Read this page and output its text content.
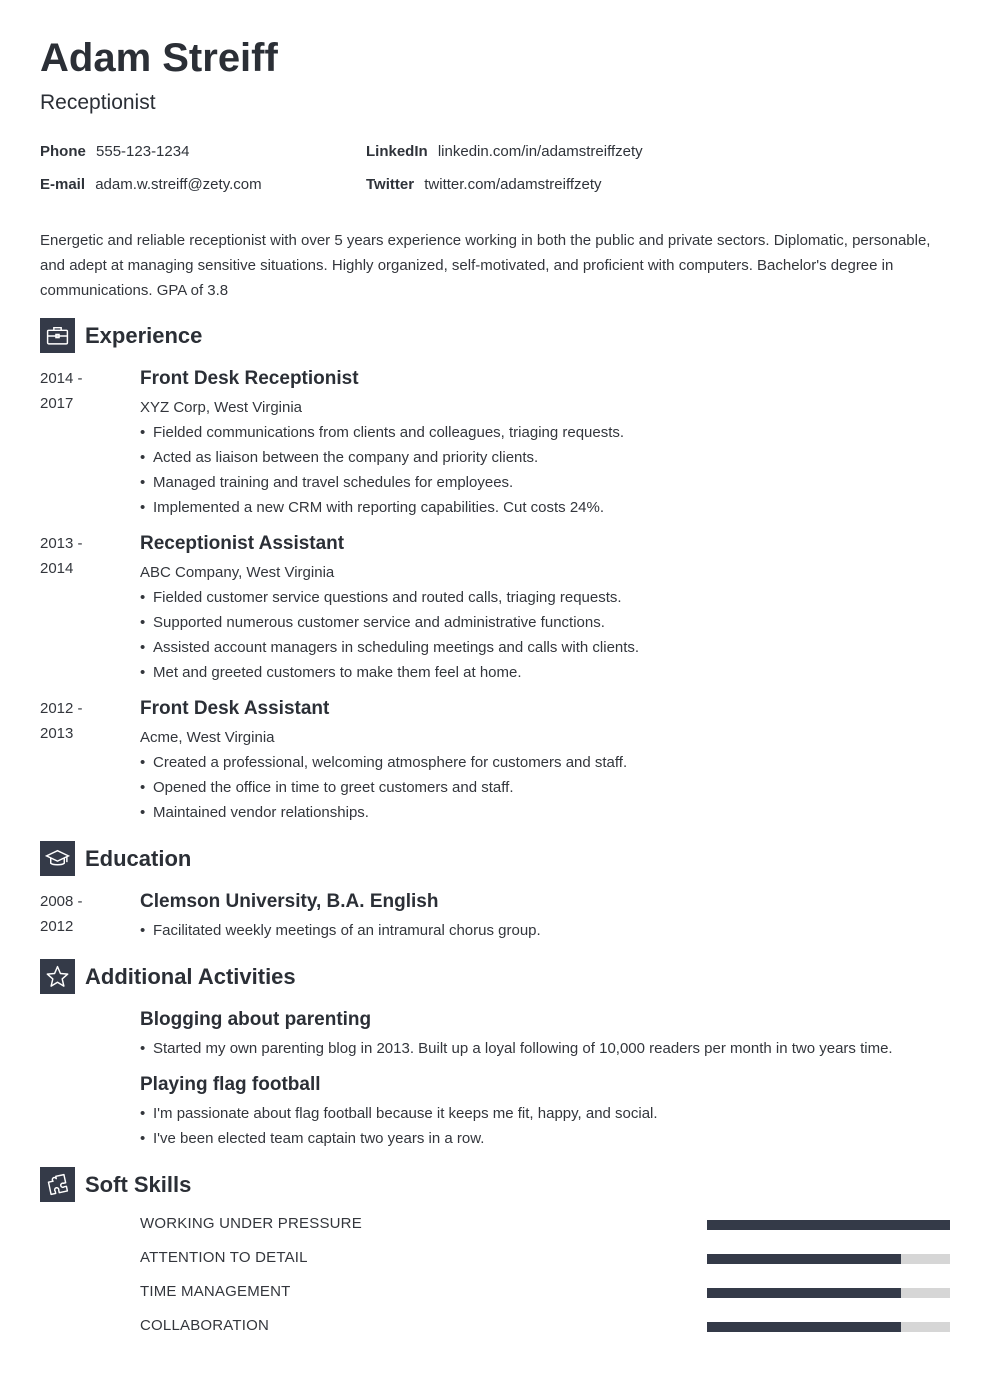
Adam Streiff
Receptionist
Phone 555-123-1234
E-mail adam.w.streiff@zety.com
LinkedIn linkedin.com/in/adamstreiffzety
Twitter twitter.com/adamstreiffzety
Energetic and reliable receptionist with over 5 years experience working in both the public and private sectors. Diplomatic, personable, and adept at managing sensitive situations. Highly organized, self-motivated, and proficient with computers. Bachelor's degree in communications. GPA of 3.8
Experience
2014 -
2017
Front Desk Receptionist
XYZ Corp, West Virginia
• Fielded communications from clients and colleagues, triaging requests.
• Acted as liaison between the company and priority clients.
• Managed training and travel schedules for employees.
• Implemented a new CRM with reporting capabilities. Cut costs 24%.
2013 -
2014
Receptionist Assistant
ABC Company, West Virginia
• Fielded customer service questions and routed calls, triaging requests.
• Supported numerous customer service and administrative functions.
• Assisted account managers in scheduling meetings and calls with clients.
• Met and greeted customers to make them feel at home.
2012 -
2013
Front Desk Assistant
Acme, West Virginia
• Created a professional, welcoming atmosphere for customers and staff.
• Opened the office in time to greet customers and staff.
• Maintained vendor relationships.
Education
2008 -
2012
Clemson University, B.A. English
• Facilitated weekly meetings of an intramural chorus group.
Additional Activities
Blogging about parenting
• Started my own parenting blog in 2013. Built up a loyal following of 10,000 readers per month in two years time.
Playing flag football
• I'm passionate about flag football because it keeps me fit, happy, and social.
• I've been elected team captain two years in a row.
Soft Skills
WORKING UNDER PRESSURE
ATTENTION TO DETAIL
TIME MANAGEMENT
COLLABORATION
